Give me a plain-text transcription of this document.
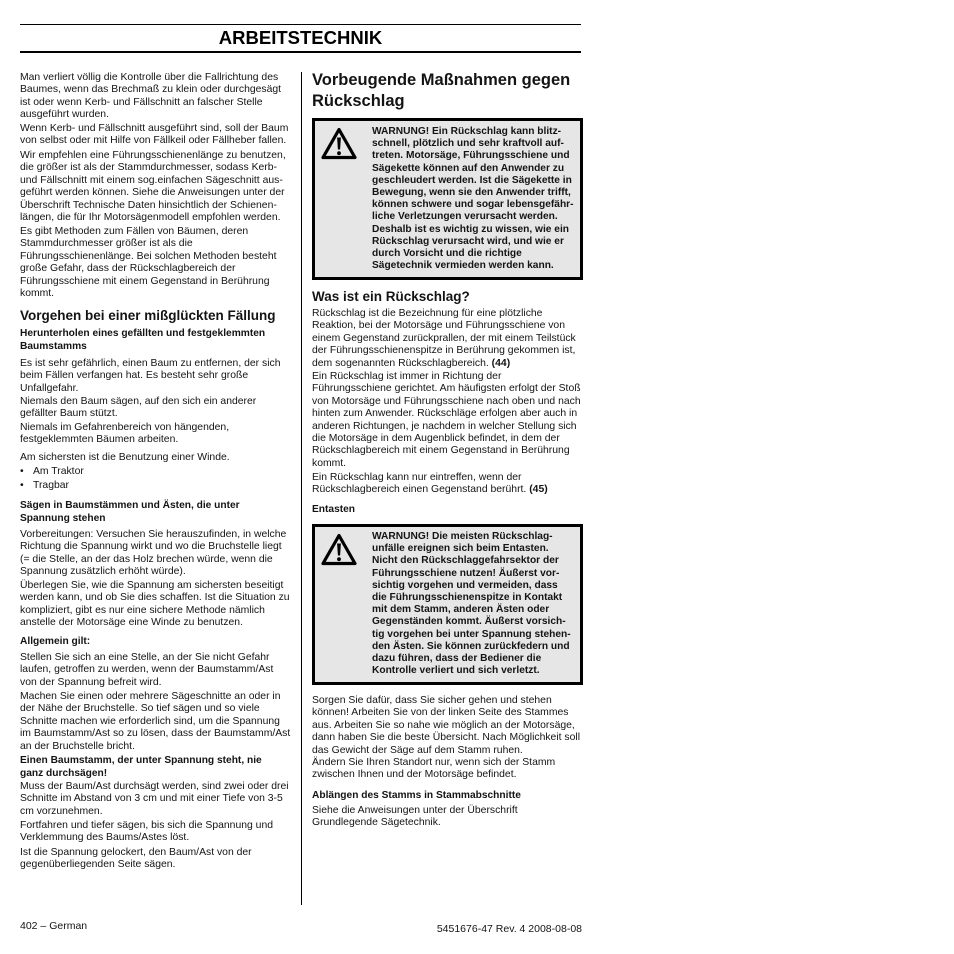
ARBEITSTECHNIK
Man verliert völlig die Kontrolle über die Fallrichtung des
Baumes, wenn das Brechmaß zu klein oder durchgesägt
ist oder wenn Kerb- und Fällschnitt an falscher Stelle
ausgeführt wurden.
Wenn Kerb- und Fällschnitt ausgeführt sind, soll der Baum
von selbst oder mit Hilfe von Fällkeil oder Fällheber fallen.
Wir empfehlen eine Führungsschienenlänge zu benutzen,
die größer ist als der Stammdurchmesser, sodass Kerb-
und Fällschnitt mit einem sog.einfachen Sägeschnitt aus-
geführt werden können. Siehe die Anweisungen unter der
Überschrift Technische Daten hinsichtlich der Schienen-
längen, die für Ihr Motorsägenmodell empfohlen werden.
Es gibt Methoden zum Fällen von Bäumen, deren
Stammdurchmesser größer ist als die
Führungsschienenlänge. Bei solchen Methoden besteht
große Gefahr, dass der Rückschlagbereich der
Führungsschiene mit einem Gegenstand in Berührung
kommt.
Vorgehen bei einer mißglückten Fällung
Herunterholen eines gefällten und festgeklemmten
Baumstamms
Es ist sehr gefährlich, einen Baum zu entfernen, der sich
beim Fällen verfangen hat. Es besteht sehr große
Unfallgefahr.
Niemals den Baum sägen, auf den sich ein anderer
gefällter Baum stützt.
Niemals im Gefahrenbereich von hängenden,
festgeklemmten Bäumen arbeiten.
Am sichersten ist die Benutzung einer Winde.
• Am Traktor
• Tragbar
Sägen in Baumstämmen und Ästen, die unter
Spannung stehen
Vorbereitungen: Versuchen Sie herauszufinden, in welche
Richtung die Spannung wirkt und wo die Bruchstelle liegt
(= die Stelle, an der das Holz brechen würde, wenn die
Spannung zusätzlich erhöht würde).
Überlegen Sie, wie die Spannung am sichersten beseitigt
werden kann, und ob Sie dies schaffen. Ist die Situation zu
kompliziert, gibt es nur eine sichere Methode nämlich
anstelle der Motorsäge eine Winde zu benutzen.
Allgemein gilt:
Stellen Sie sich an eine Stelle, an der Sie nicht Gefahr
laufen, getroffen zu werden, wenn der Baumstamm/Ast
von der Spannung befreit wird.
Machen Sie einen oder mehrere Sägeschnitte an oder in
der Nähe der Bruchstelle. So tief sägen und so viele
Schnitte machen wie erforderlich sind, um die Spannung
im Baumstamm/Ast so zu lösen, dass der Baumstamm/Ast
an der Bruchstelle bricht.
Einen Baumstamm, der unter Spannung steht, nie
ganz durchsägen!
Muss der Baum/Ast durchsägt werden, sind zwei oder drei
Schnitte im Abstand von 3 cm und mit einer Tiefe von 3-5
cm vorzunehmen.
Fortfahren und tiefer sägen, bis sich die Spannung und
Verklemmung des Baums/Astes löst.
Ist die Spannung gelockert, den Baum/Ast von der
gegenüberliegenden Seite sägen.
Vorbeugende Maßnahmen gegen
Rückschlag
WARNUNG! Ein Rückschlag kann blitz-
schnell, plötzlich und sehr kraftvoll auf-
treten. Motorsäge, Führungsschiene und
Sägekette können auf den Anwender zu
geschleudert werden. Ist die Sägekette in
Bewegung, wenn sie den Anwender trifft,
können schwere und sogar lebensgefähr-
liche Verletzungen verursacht werden.
Deshalb ist es wichtig zu wissen, wie ein
Rückschlag verursacht wird, und wie er
durch Vorsicht und die richtige
Sägetechnik vermieden werden kann.
Was ist ein Rückschlag?
Rückschlag ist die Bezeichnung für eine plötzliche
Reaktion, bei der Motorsäge und Führungsschiene von
einem Gegenstand zurückprallen, der mit einem Teilstück
der Führungsschienenspitze in Berührung gekommen ist,
dem sogenannten Rückschlagbereich. (44)
Ein Rückschlag ist immer in Richtung der
Führungsschiene gerichtet. Am häufigsten erfolgt der Stoß
von Motorsäge und Führungsschiene nach oben und nach
hinten zum Anwender. Rückschläge erfolgen aber auch in
anderen Richtungen, je nachdem in welcher Stellung sich
die Motorsäge in dem Augenblick befindet, in dem der
Rückschlagbereich mit einem Gegenstand in Berührung
kommt.
Ein Rückschlag kann nur eintreffen, wenn der
Rückschlagbereich einen Gegenstand berührt. (45)
Entasten
WARNUNG! Die meisten Rückschlag-
unfälle ereignen sich beim Entasten.
Nicht den Rückschlaggefahrsektor der
Führungsschiene nutzen! Äußerst vor-
sichtig vorgehen und vermeiden, dass
die Führungsschienenspitze in Kontakt
mit dem Stamm, anderen Ästen oder
Gegenständen kommt. Äußerst vorsich-
tig vorgehen bei unter Spannung stehen-
den Ästen. Sie können zurückfedern und
dazu führen, dass der Bediener die
Kontrolle verliert und sich verletzt.
Sorgen Sie dafür, dass Sie sicher gehen und stehen
können! Arbeiten Sie von der linken Seite des Stammes
aus. Arbeiten Sie so nahe wie möglich an der Motorsäge,
dann haben Sie die beste Übersicht. Nach Möglichkeit soll
das Gewicht der Säge auf dem Stamm ruhen.
Ändern Sie Ihren Standort nur, wenn sich der Stamm
zwischen Ihnen und der Motorsäge befindet.
Ablängen des Stamms in Stammabschnitte
Siehe die Anweisungen unter der Überschrift
Grundlegende Sägetechnik.
402 – German	5451676-47 Rev. 4 2008-08-08
